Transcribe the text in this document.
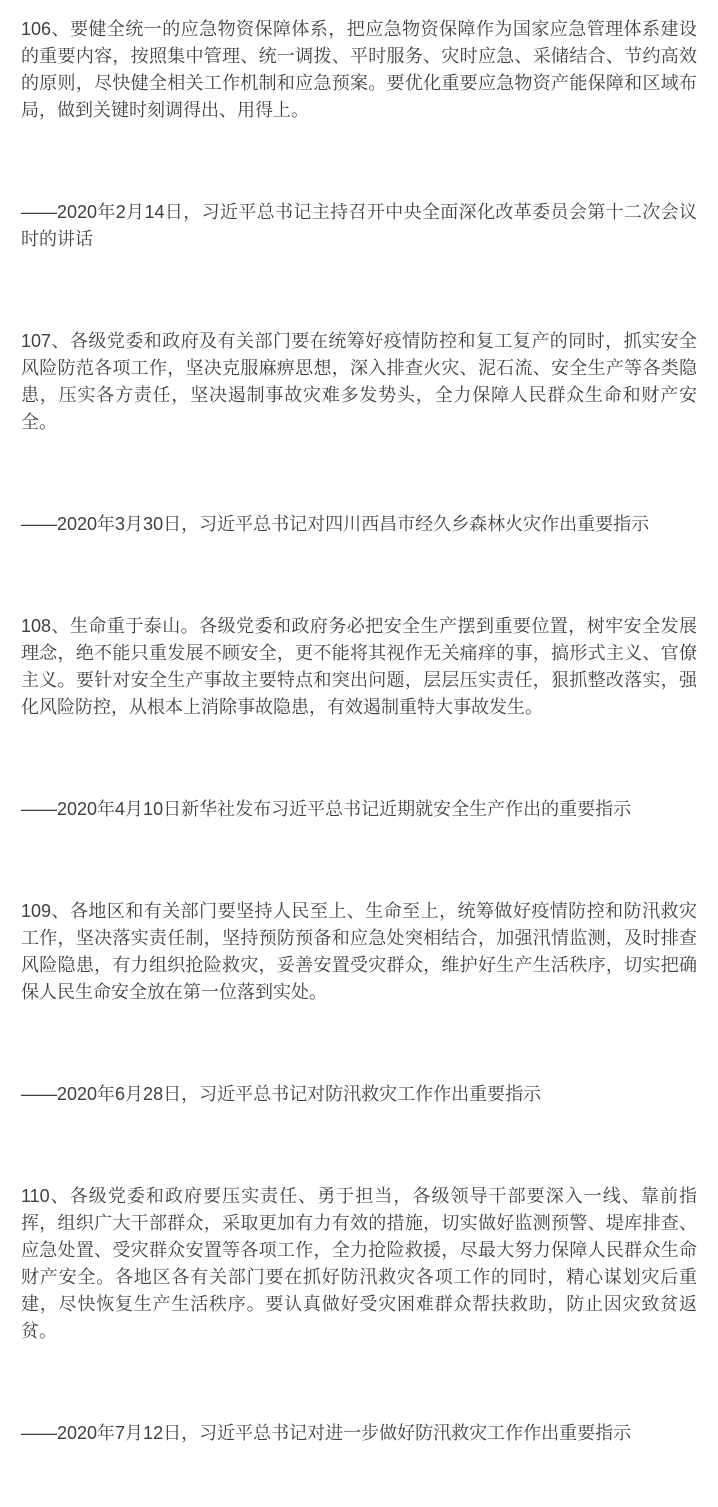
106、要健全统一的应急物资保障体系，把应急物资保障作为国家应急管理体系建设的重要内容，按照集中管理、统一调拨、平时服务、灾时应急、采储结合、节约高效的原则，尽快健全相关工作机制和应急预案。要优化重要应急物资产能保障和区域布局，做到关键时刻调得出、用得上。

——2020年2月14日，习近平总书记主持召开中央全面深化改革委员会第十二次会议时的讲话

107、各级党委和政府及有关部门要在统筹好疫情防控和复工复产的同时，抓实安全风险防范各项工作，坚决克服麻痹思想，深入排查火灾、泥石流、安全生产等各类隐患，压实各方责任，坚决遏制事故灾难多发势头，全力保障人民群众生命和财产安全。

——2020年3月30日，习近平总书记对四川西昌市经久乡森林火灾作出重要指示

108、生命重于泰山。各级党委和政府务必把安全生产摆到重要位置，树牢安全发展理念，绝不能只重发展不顾安全，更不能将其视作无关痛痒的事，搞形式主义、官僚主义。要针对安全生产事故主要特点和突出问题，层层压实责任，狠抓整改落实，强化风险防控，从根本上消除事故隐患，有效遏制重特大事故发生。

——2020年4月10日新华社发布习近平总书记近期就安全生产作出的重要指示

109、各地区和有关部门要坚持人民至上、生命至上，统筹做好疫情防控和防汛救灾工作，坚决落实责任制，坚持预防预备和应急处突相结合，加强汛情监测，及时排查风险隐患，有力组织抢险救灾，妥善安置受灾群众，维护好生产生活秩序，切实把确保人民生命安全放在第一位落到实处。

——2020年6月28日，习近平总书记对防汛救灾工作作出重要指示

110、各级党委和政府要压实责任、勇于担当，各级领导干部要深入一线、靠前指挥，组织广大干部群众，采取更加有力有效的措施，切实做好监测预警、堤库排查、应急处置、受灾群众安置等各项工作，全力抢险救援，尽最大努力保障人民群众生命财产安全。各地区各有关部门要在抓好防汛救灾各项工作的同时，精心谋划灾后重建，尽快恢复生产生活秩序。要认真做好受灾困难群众帮扶救助，防止因灾致贫返贫。

——2020年7月12日，习近平总书记对进一步做好防汛救灾工作作出重要指示
